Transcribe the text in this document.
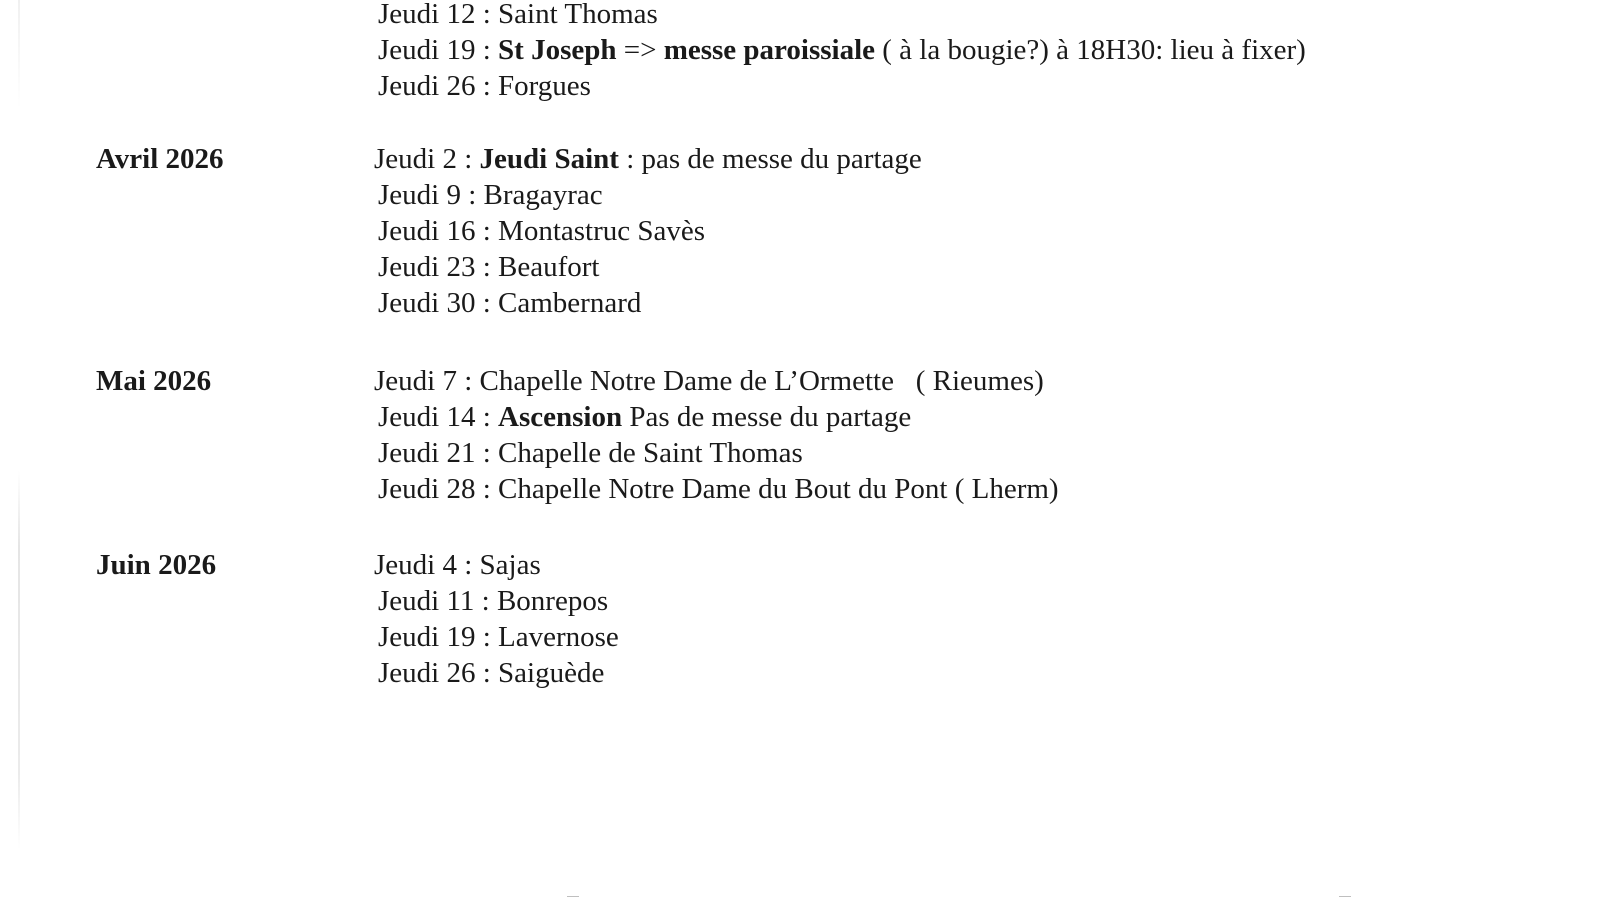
Jeudi 12 : Saint Thomas
Jeudi 19 : St Joseph => messe paroissiale ( à la bougie?) à 18H30: lieu à fixer)
Jeudi 26 : Forgues
Avril 2026	Jeudi 2 : Jeudi Saint : pas de messe du partage
Jeudi 9 : Bragayrac
Jeudi 16 : Montastruc Savès
Jeudi 23 : Beaufort
Jeudi 30 : Cambernard
Mai 2026	Jeudi 7 : Chapelle Notre Dame de L’Ormette   ( Rieumes)
Jeudi 14 : Ascension Pas de messe du partage
Jeudi 21 : Chapelle de Saint Thomas
Jeudi 28 : Chapelle Notre Dame du Bout du Pont ( Lherm)
Juin 2026	Jeudi 4 : Sajas
Jeudi 11 : Bonrepos
Jeudi 19 : Lavernose
Jeudi 26 : Saiguède
